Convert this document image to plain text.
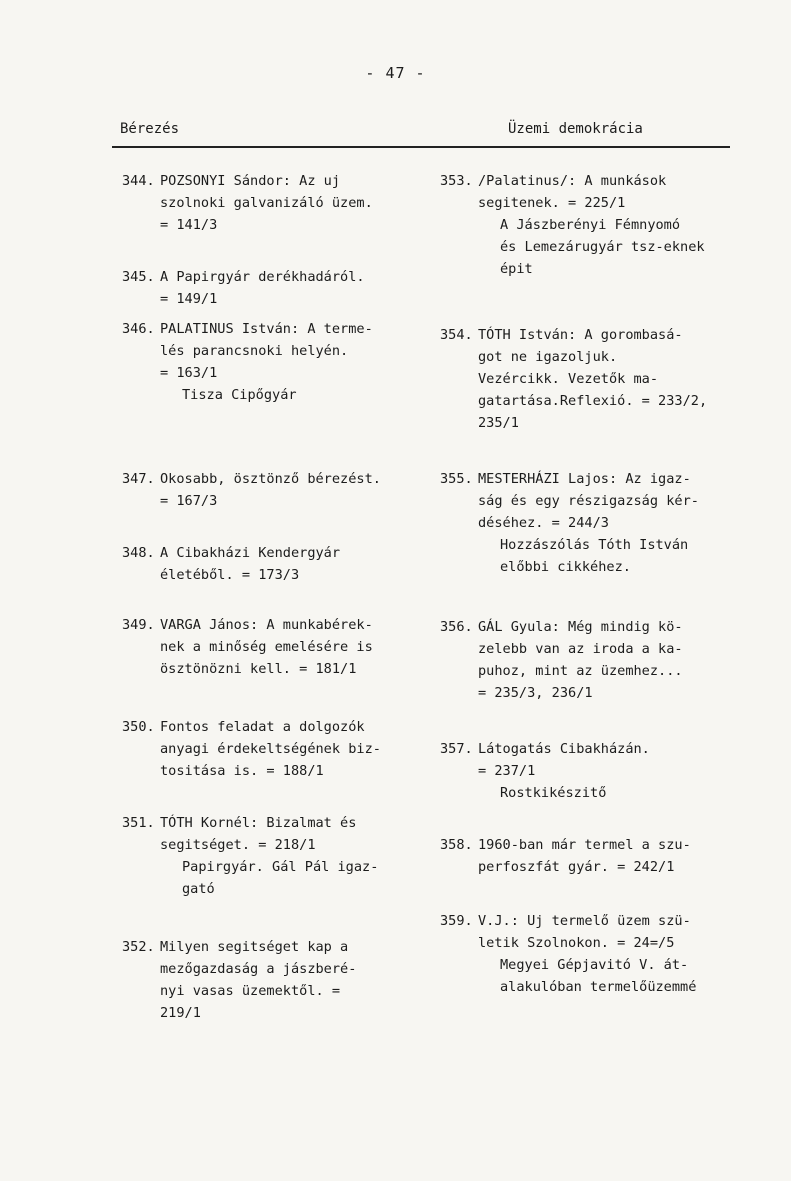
- 47 -
Bérezés	Üzemi demokrácia
344. POZSONYI Sándor: Az uj
szolnoki galvanizáló üzem.
= 141/3
345. A Papirgyár derékhadáról.
= 149/1
346. PALATINUS István: A terme-
lés parancsnoki helyén.
= 163/1
Tisza Cipőgyár
347. Okosabb, ösztönző bérezést.
= 167/3
348. A Cibakházi Kendergyár
életéből. = 173/3
349. VARGA János: A munkabérek-
nek a minőség emelésére is
ösztönözni kell. = 181/1
350. Fontos feladat a dolgozók
anyagi érdekeltségének biz-
tositása is. = 188/1
351. TÓTH Kornél: Bizalmat és
segitséget. = 218/1
Papirgyár. Gál Pál igaz-
gató
352. Milyen segitséget kap a
mezőgazdaság a jászberé-
nyi vasas üzemektől. =
219/1
353. /Palatinus/: A munkások
segitenek. = 225/1
A Jászberényi Fémnyomó
és Lemezárugyár tsz-eknek
épit
354. TÓTH István: A gorombasá-
got ne igazoljuk.
Vezércikk. Vezetők ma-
gatartása.Reflexió. = 233/2,
235/1
355. MESTERHÁZI Lajos: Az igaz-
ság és egy részigazság kér-
déséhez. = 244/3
Hozzászólás Tóth István
előbbi cikkéhez.
356. GÁL Gyula: Még mindig kö-
zelebb van az iroda a ka-
puhoz, mint az üzemhez...
= 235/3, 236/1
357. Látogatás Cibakházán.
= 237/1
Rostkikészitő
358. 1960-ban már termel a szu-
perfoszfát gyár. = 242/1
359. V.J.: Uj termelő üzem szü-
letik Szolnokon. = 24=/5
Megyei Gépjavitó V. át-
alakulóban termelőüzemmé
